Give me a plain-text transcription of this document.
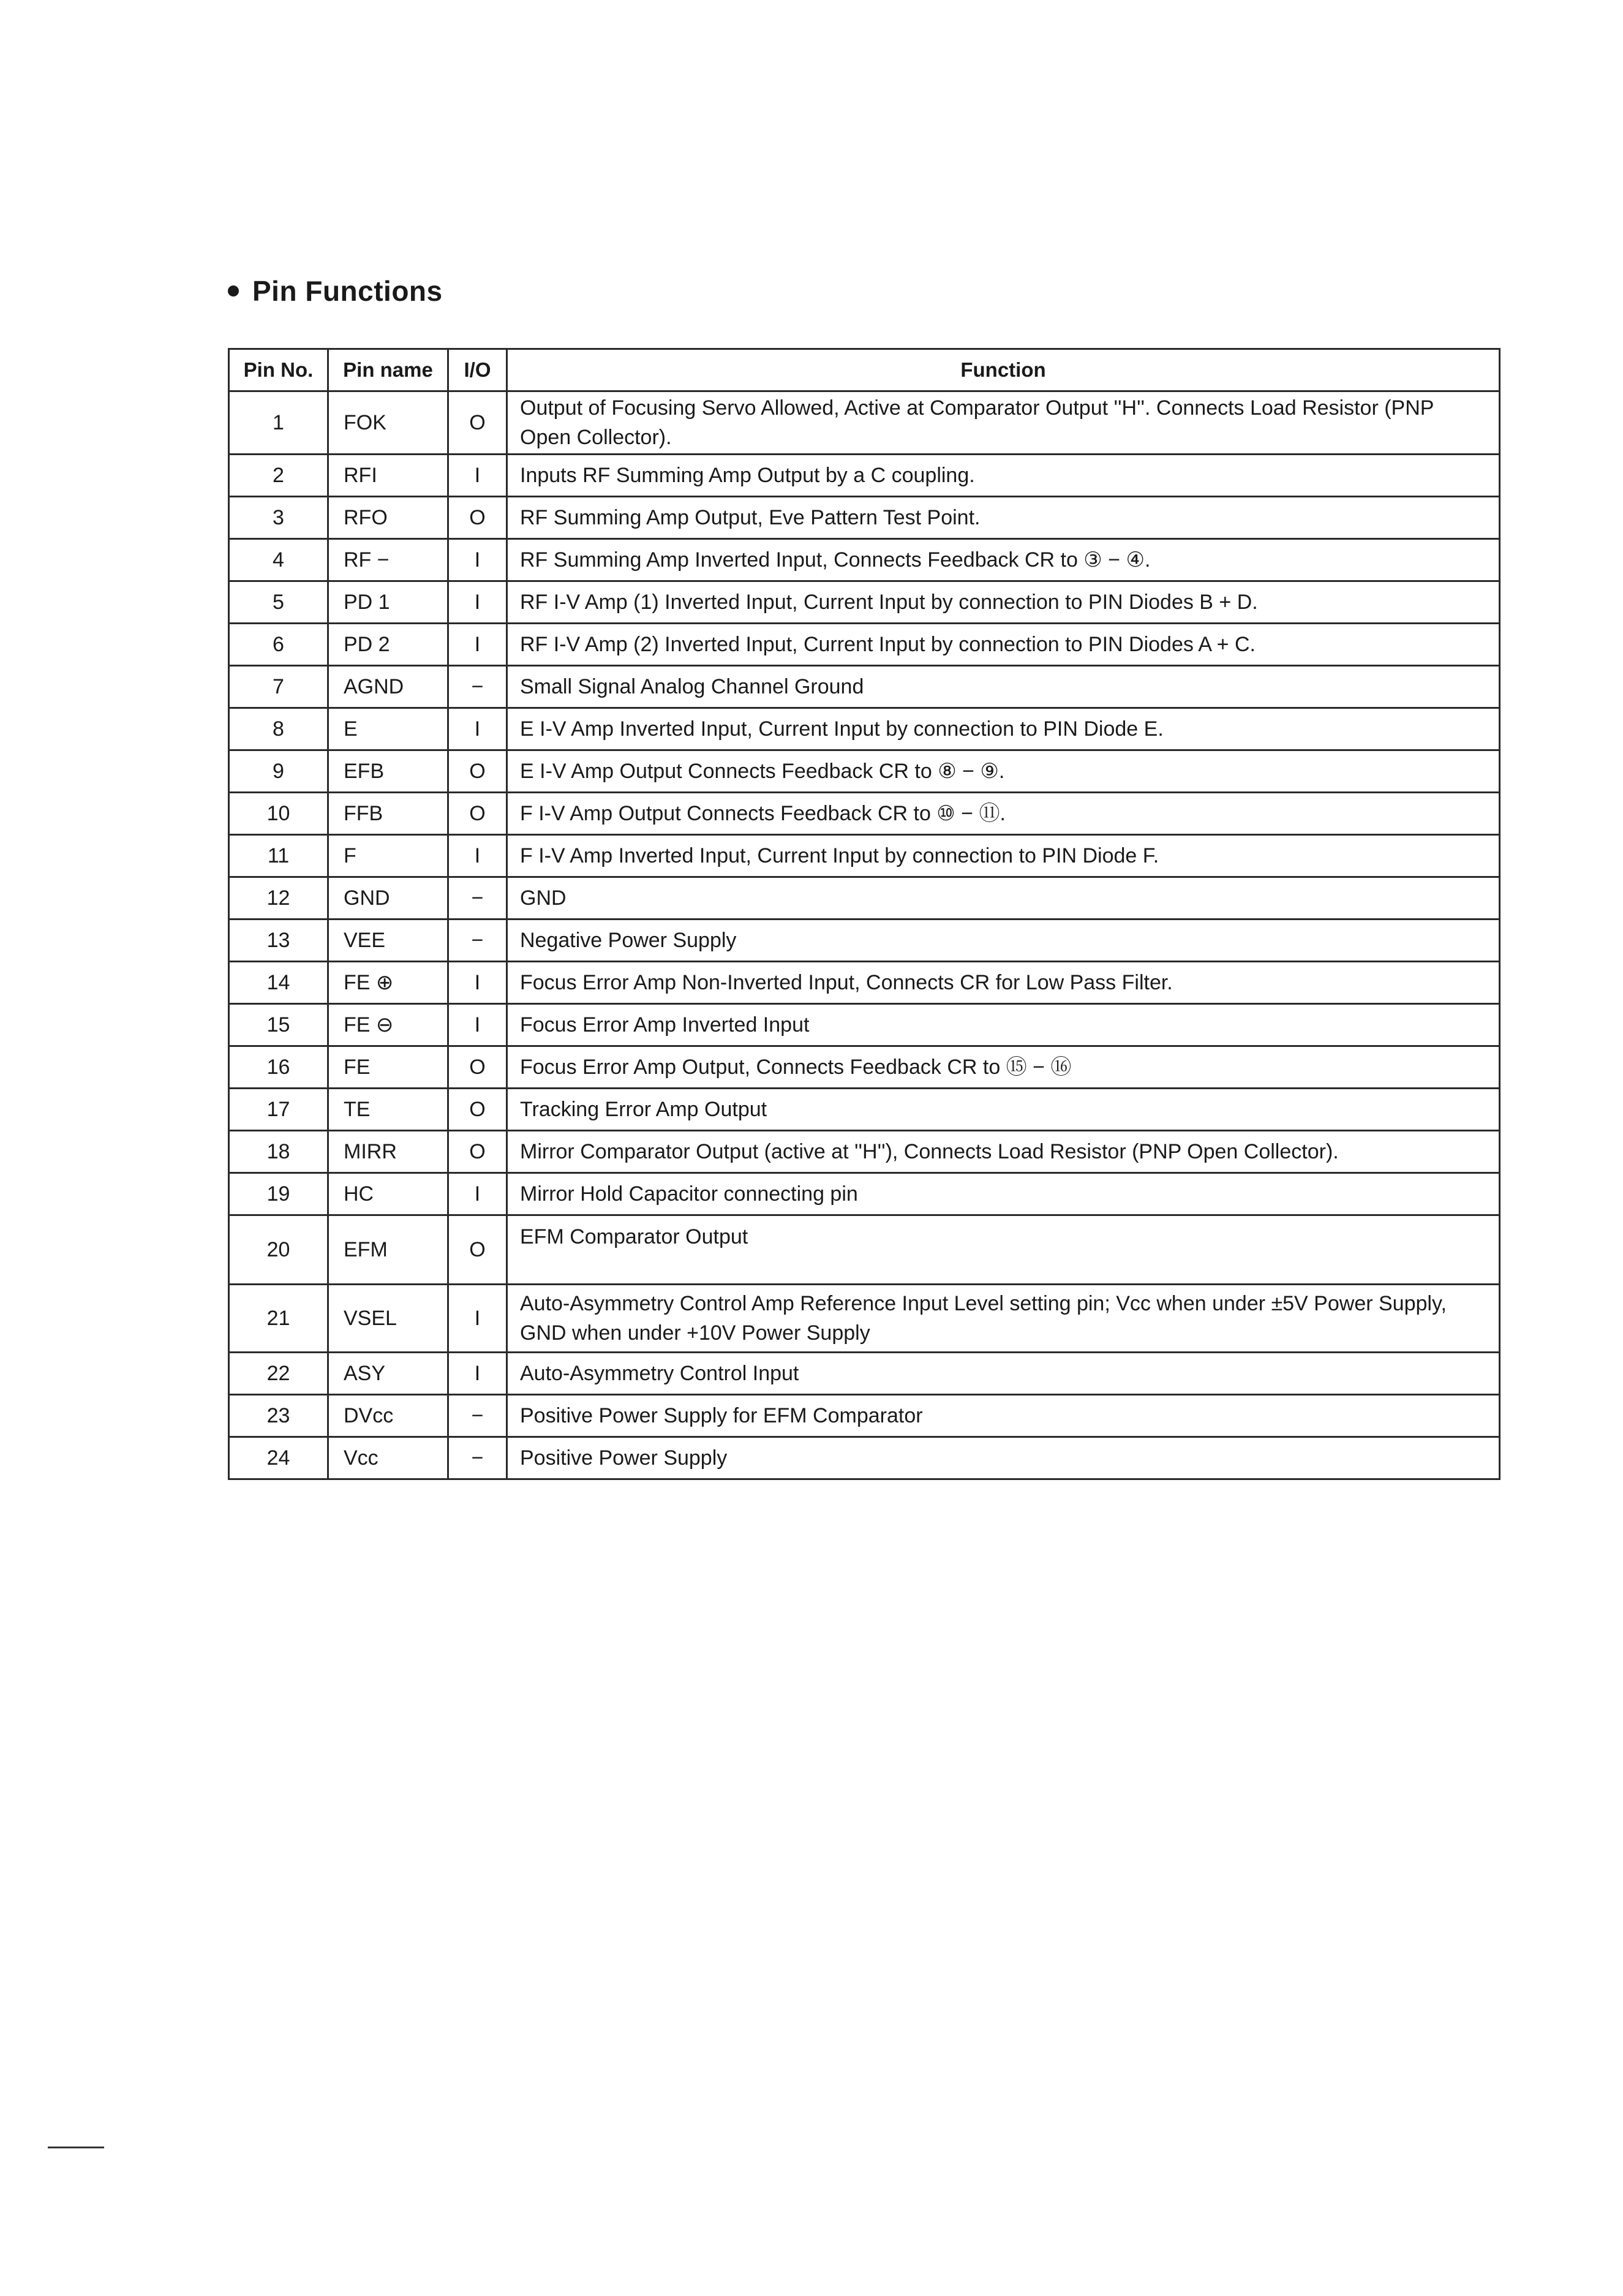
Pin Functions
Pin No.	Pin name	I/O	Function
1	FOK	O	Output of Focusing Servo Allowed, Active at Comparator Output ''H''. Connects Load Resistor (PNP Open Collector).
2	RFI	I	Inputs RF Summing Amp Output by a C coupling.
3	RFO	O	RF Summing Amp Output, Eve Pattern Test Point.
4	RF −	I	RF Summing Amp Inverted Input, Connects Feedback CR to ③ − ④.
5	PD 1	I	RF I-V Amp (1) Inverted Input, Current Input by connection to PIN Diodes B + D.
6	PD 2	I	RF I-V Amp (2) Inverted Input, Current Input by connection to PIN Diodes A + C.
7	AGND	−	Small Signal Analog Channel Ground
8	E	I	E I-V Amp Inverted Input, Current Input by connection to PIN Diode E.
9	EFB	O	E I-V Amp Output Connects Feedback CR to ⑧ − ⑨.
10	FFB	O	F I-V Amp Output Connects Feedback CR to ⑩ − ⑪.
11	F	I	F I-V Amp Inverted Input, Current Input by connection to PIN Diode F.
12	GND	−	GND
13	VEE	−	Negative Power Supply
14	FE ⊕	I	Focus Error Amp Non-Inverted Input, Connects CR for Low Pass Filter.
15	FE ⊖	I	Focus Error Amp Inverted Input
16	FE	O	Focus Error Amp Output, Connects Feedback CR to ⑮ − ⑯
17	TE	O	Tracking Error Amp Output
18	MIRR	O	Mirror Comparator Output (active at ''H''), Connects Load Resistor (PNP Open Collector).
19	HC	I	Mirror Hold Capacitor connecting pin
20	EFM	O	EFM Comparator Output
21	VSEL	I	Auto-Asymmetry Control Amp Reference Input Level setting pin; Vcc when under ±5V Power Supply, GND when under +10V Power Supply
22	ASY	I	Auto-Asymmetry Control Input
23	DVcc	−	Positive Power Supply for EFM Comparator
24	Vcc	−	Positive Power Supply
